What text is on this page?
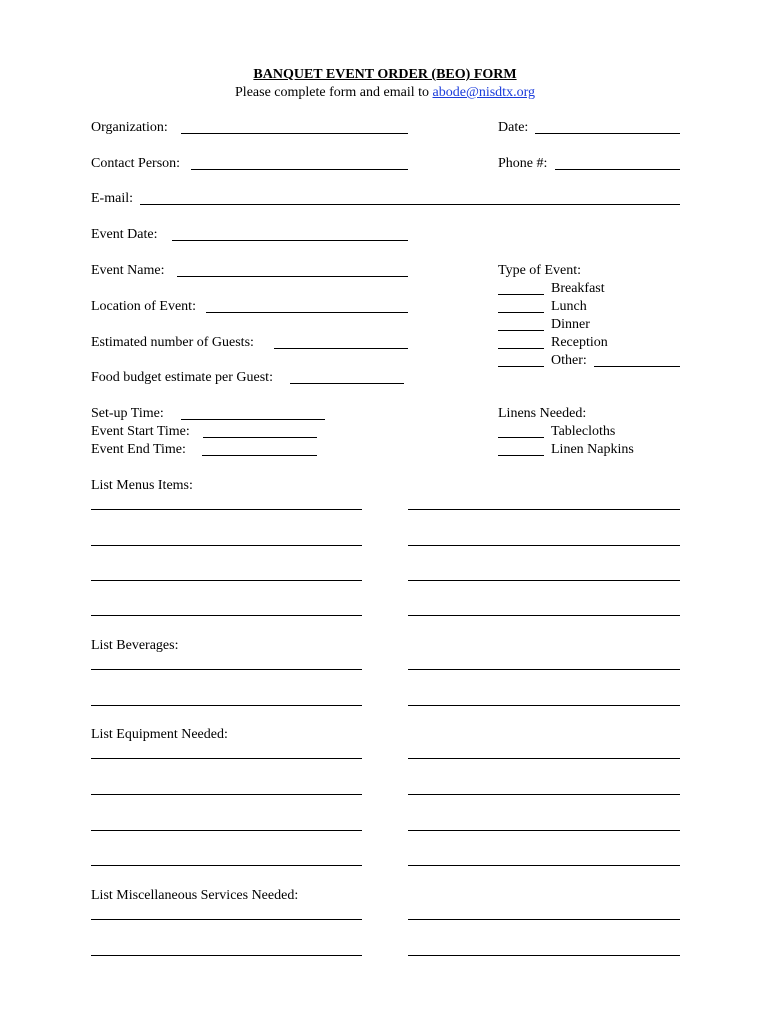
BANQUET EVENT ORDER (BEO) FORM
Please complete form and email to abode@nisdtx.org
Organization:	Date:
Contact Person:	Phone #:
E-mail:
Event Date:
Event Name:
Location of Event:
Estimated number of Guests:
Food budget estimate per Guest:
Type of Event:
Breakfast
Lunch
Dinner
Reception
Other:
Set-up Time:
Event Start Time:
Event End Time:
Linens Needed:
Tablecloths
Linen Napkins
List Menus Items:
List Beverages:
List Equipment Needed:
List Miscellaneous Services Needed:
